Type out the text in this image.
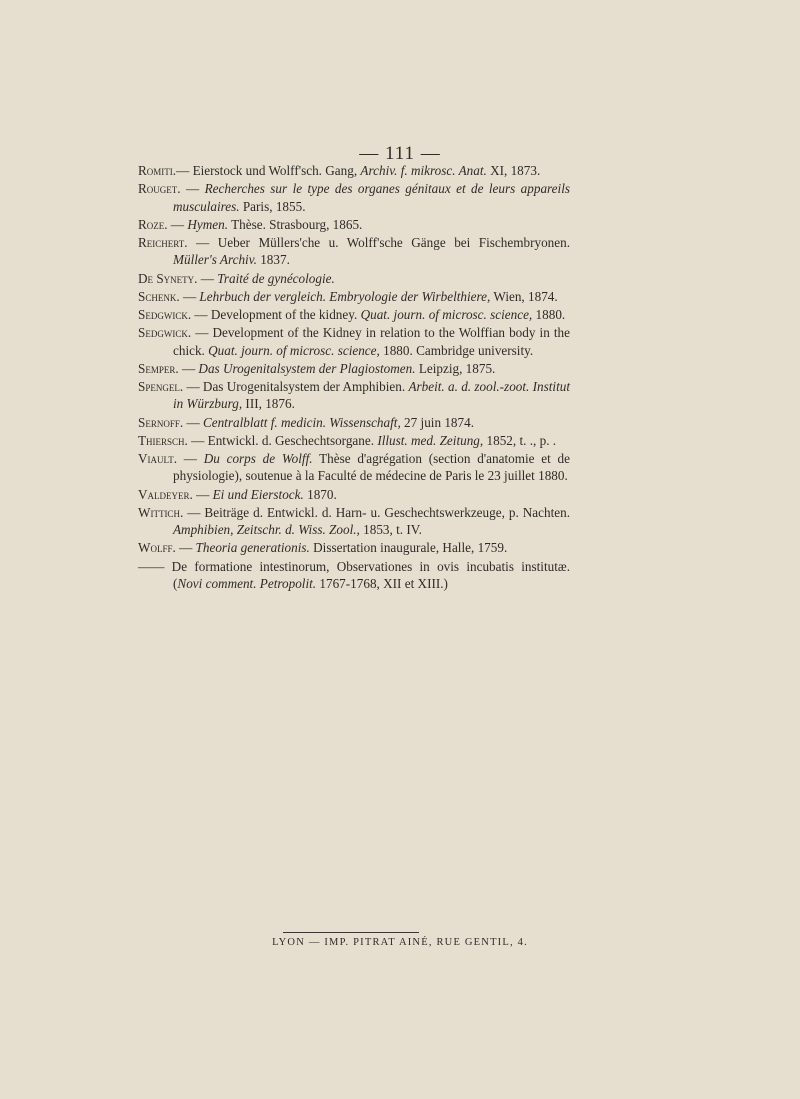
— 111 —

Romiti.— Eierstock und Wolff'sch. Gang, Archiv. f. mikrosc. Anat. XI, 1873.

Rouget. — Recherches sur le type des organes génitaux et de leurs appareils musculaires. Paris, 1855.

Roze. — Hymen. Thèse. Strasbourg, 1865.

Reichert. — Ueber Müllers'che u. Wolff'sche Gänge bei Fischembryonen. Müller's Archiv. 1837.

De Synety. — Traité de gynécologie.

Schenk. — Lehrbuch der vergleich. Embryologie der Wirbelthiere, Wien, 1874.

Sedgwick. — Development of the kidney. Quat. journ. of microsc. science, 1880.

Sedgwick. — Development of the Kidney in relation to the Wolffian body in the chick. Quat. journ. of microsc. science, 1880. Cambridge university.

Semper. — Das Urogenitalsystem der Plagiostomen. Leipzig, 1875.

Spengel. — Das Urogenitalsystem der Amphibien. Arbeit. a. d. zool.-zoot. Institut in Würzburg, III, 1876.

Sernoff. — Centralblatt f. medicin. Wissenschaft, 27 juin 1874.

Thiersch. — Entwickl. d. Geschechtsorgane. Illust. med. Zeitung, 1852, t. ., p. .

Viault. — Du corps de Wolff. Thèse d'agrégation (section d'anatomie et de physiologie), soutenue à la Faculté de médecine de Paris le 23 juillet 1880.

Valdeyer. — Ei und Eierstock. 1870.

Wittich. — Beiträge d. Entwickl. d. Harn- u. Geschechtswerkzeuge, p. Nachten. Amphibien, Zeitschr. d. Wiss. Zool., 1853, t. IV.

Wolff. — Theoria generationis. Dissertation inaugurale, Halle, 1759.

—— De formatione intestinorum, Observationes in ovis incubatis institutæ. (Novi comment. Petropolit. 1767-1768, XII et XIII.)

LYON — IMP. PITRAT AINÉ, RUE GENTIL, 4.
